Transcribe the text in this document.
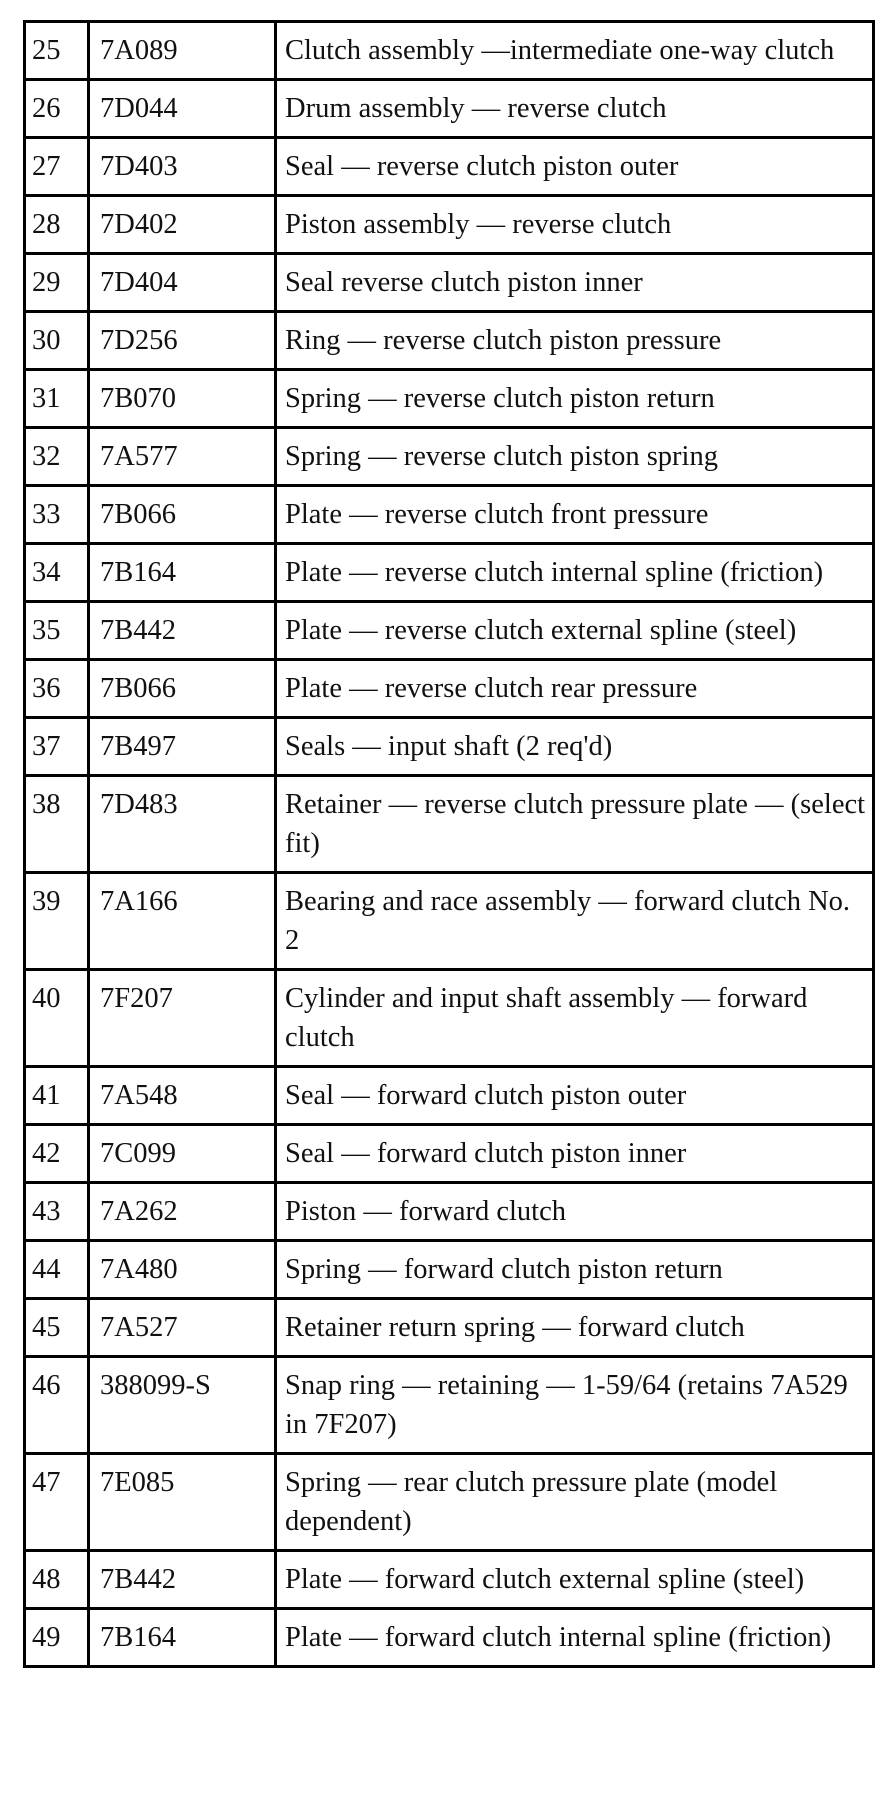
25	7A089	Clutch assembly —intermediate one-way clutch
26	7D044	Drum assembly — reverse clutch
27	7D403	Seal — reverse clutch piston outer
28	7D402	Piston assembly — reverse clutch
29	7D404	Seal reverse clutch piston inner
30	7D256	Ring — reverse clutch piston pressure
31	7B070	Spring — reverse clutch piston return
32	7A577	Spring — reverse clutch piston spring
33	7B066	Plate — reverse clutch front pressure
34	7B164	Plate — reverse clutch internal spline (friction)
35	7B442	Plate — reverse clutch external spline (steel)
36	7B066	Plate — reverse clutch rear pressure
37	7B497	Seals — input shaft (2 req'd)
38	7D483	Retainer — reverse clutch pressure plate — (select fit)
39	7A166	Bearing and race assembly — forward clutch No. 2
40	7F207	Cylinder and input shaft assembly — forward clutch
41	7A548	Seal — forward clutch piston outer
42	7C099	Seal — forward clutch piston inner
43	7A262	Piston — forward clutch
44	7A480	Spring — forward clutch piston return
45	7A527	Retainer return spring — forward clutch
46	388099-S	Snap ring — retaining — 1-59/64 (retains 7A529 in 7F207)
47	7E085	Spring — rear clutch pressure plate (model dependent)
48	7B442	Plate — forward clutch external spline (steel)
49	7B164	Plate — forward clutch internal spline (friction)
